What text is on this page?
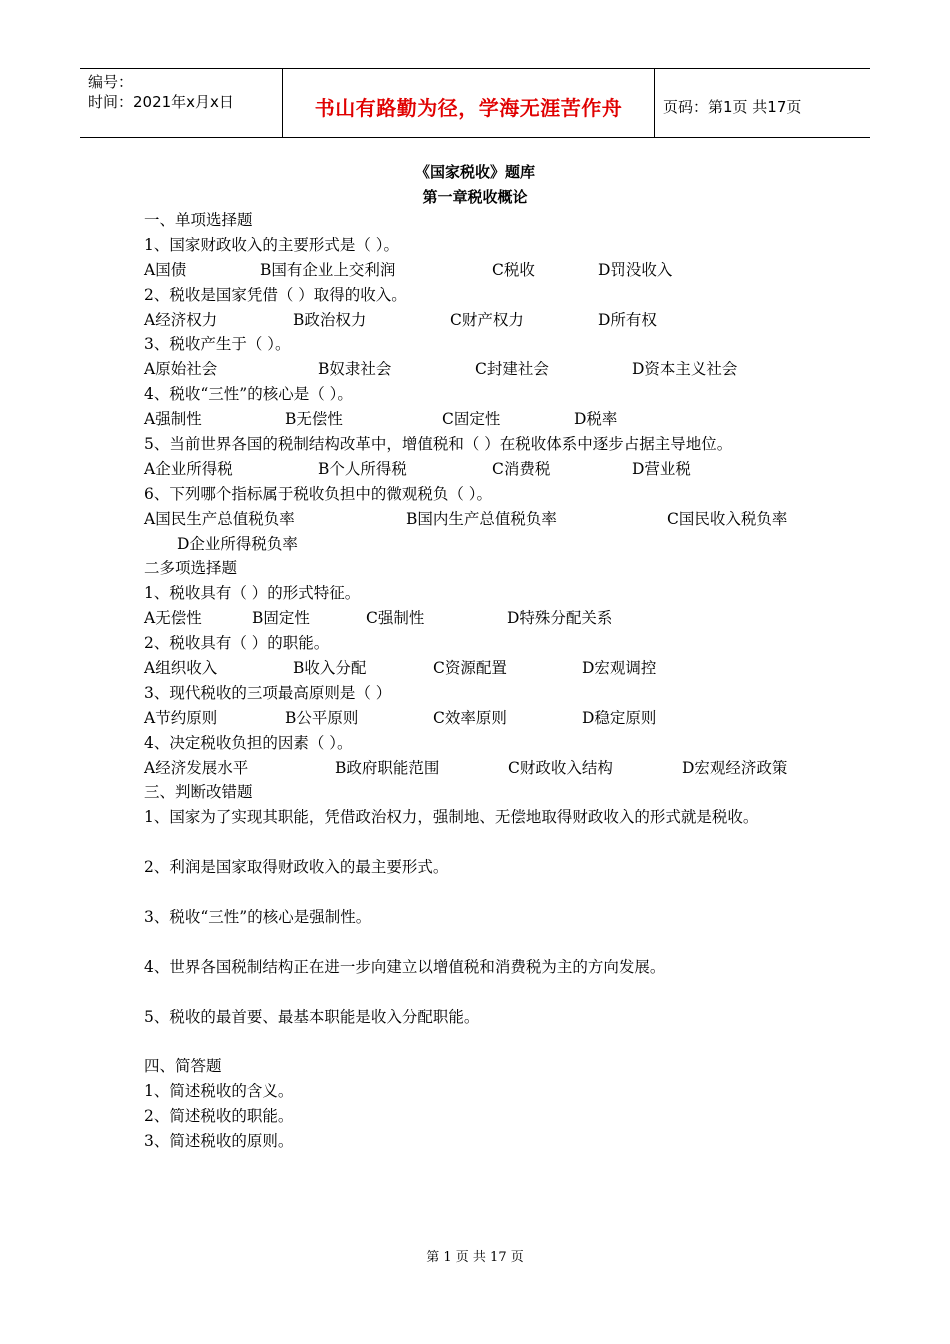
编号：
时间：2021年x月x日	书山有路勤为径，学海无涯苦作舟	页码：第1页 共17页
《国家税收》题库
第一章税收概论
一、单项选择题
1、国家财政收入的主要形式是（ ）。
A国债	B国有企业上交利润	C税收	D罚没收入
2、税收是国家凭借（ ）取得的收入。
A经济权力	B政治权力	C财产权力	D所有权
3、税收产生于（ ）。
A原始社会	B奴隶社会	C封建社会	D资本主义社会
4、税收“三性”的核心是（ ）。
A强制性	B无偿性	C固定性	D税率
5、当前世界各国的税制结构改革中，增值税和（ ）在税收体系中逐步占据主导地位。
A企业所得税	B个人所得税	C消费税	D营业税
6、下列哪个指标属于税收负担中的微观税负（ ）。
A国民生产总值税负率	B国内生产总值税负率	C国民收入税负率
D企业所得税负率
二多项选择题
1、税收具有（ ）的形式特征。
A无偿性	B固定性	C强制性	D特殊分配关系
2、税收具有（ ）的职能。
A组织收入	B收入分配	C资源配置	D宏观调控
3、现代税收的三项最高原则是（ ）
A节约原则	B公平原则	C效率原则	D稳定原则
4、决定税收负担的因素（ ）。
A经济发展水平	B政府职能范围	C财政收入结构	D宏观经济政策
三、判断改错题
1、国家为了实现其职能，凭借政治权力，强制地、无偿地取得财政收入的形式就是税收。
2、利润是国家取得财政收入的最主要形式。
3、税收“三性”的核心是强制性。
4、世界各国税制结构正在进一步向建立以增值税和消费税为主的方向发展。
5、税收的最首要、最基本职能是收入分配职能。
四、简答题
1、简述税收的含义。
2、简述税收的职能。
3、简述税收的原则。
第 1 页 共 17 页
